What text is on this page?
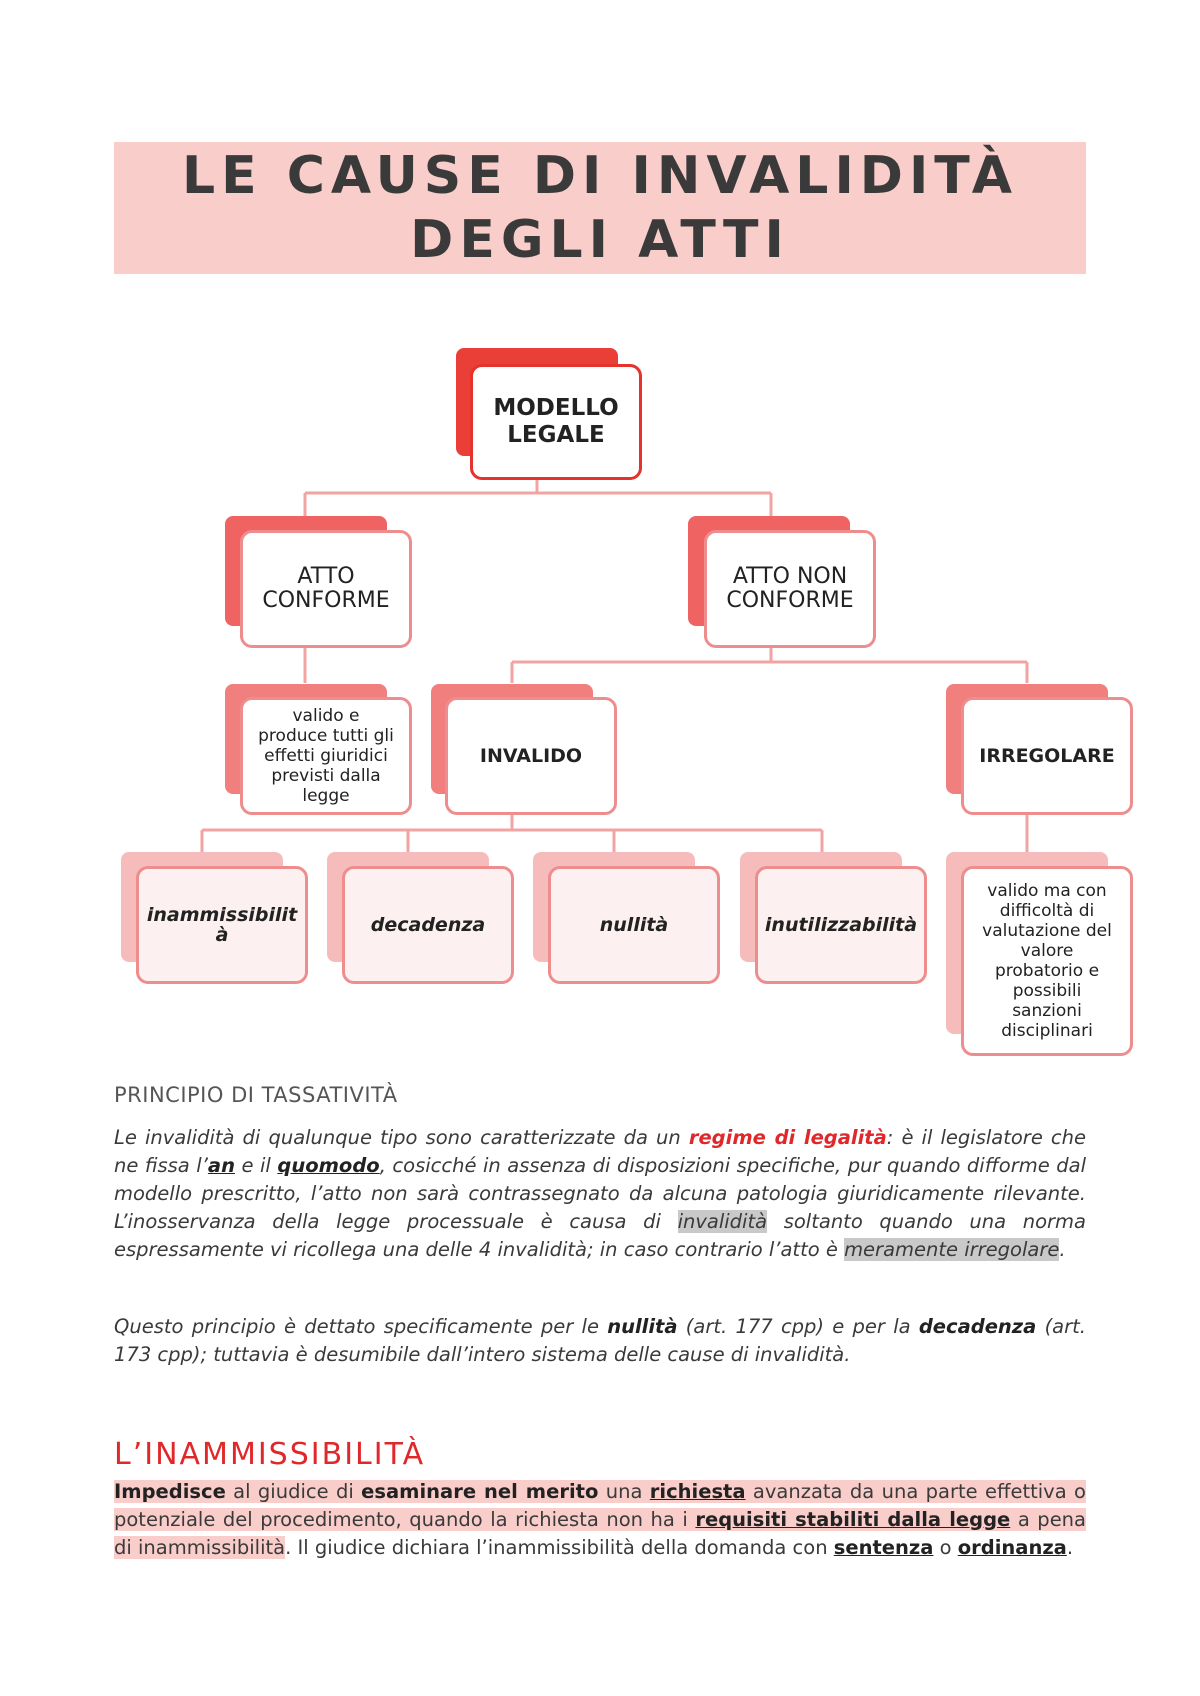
LE CAUSE DI INVALIDITÀ
DEGLI ATTI
MODELLO
LEGALE
ATTO
CONFORME
ATTO NON
CONFORME
valido e
produce tutti gli
effetti giuridici
previsti dalla
legge
INVALIDO	IRREGOLARE
inammissibilit
à	decadenza	nullità	inutilizzabilità
valido ma con
difficoltà di
valutazione del
valore
probatorio e
possibili
sanzioni
disciplinari
PRINCIPIO DI TASSATIVITÀ
Le invalidità di qualunque tipo sono caratterizzate da un regime di legalità: è il legislatore che ne fissa l’an e il quomodo, cosicché in assenza di disposizioni specifiche, pur quando difforme dal modello prescritto, l’atto non sarà contrassegnato da alcuna patologia giuridicamente rilevante. L’inosservanza della legge processuale è causa di invalidità soltanto quando una norma espressamente vi ricollega una delle 4 invalidità; in caso contrario l’atto è meramente irregolare.
Questo principio è dettato specificamente per le nullità (art. 177 cpp) e per la decadenza (art. 173 cpp); tuttavia è desumibile dall’intero sistema delle cause di invalidità.
L’INAMMISSIBILITÀ
Impedisce al giudice di esaminare nel merito una richiesta avanzata da una parte effettiva o potenziale del procedimento, quando la richiesta non ha i requisiti stabiliti dalla legge a pena di inammissibilità. Il giudice dichiara l’inammissibilità della domanda con sentenza o ordinanza.
